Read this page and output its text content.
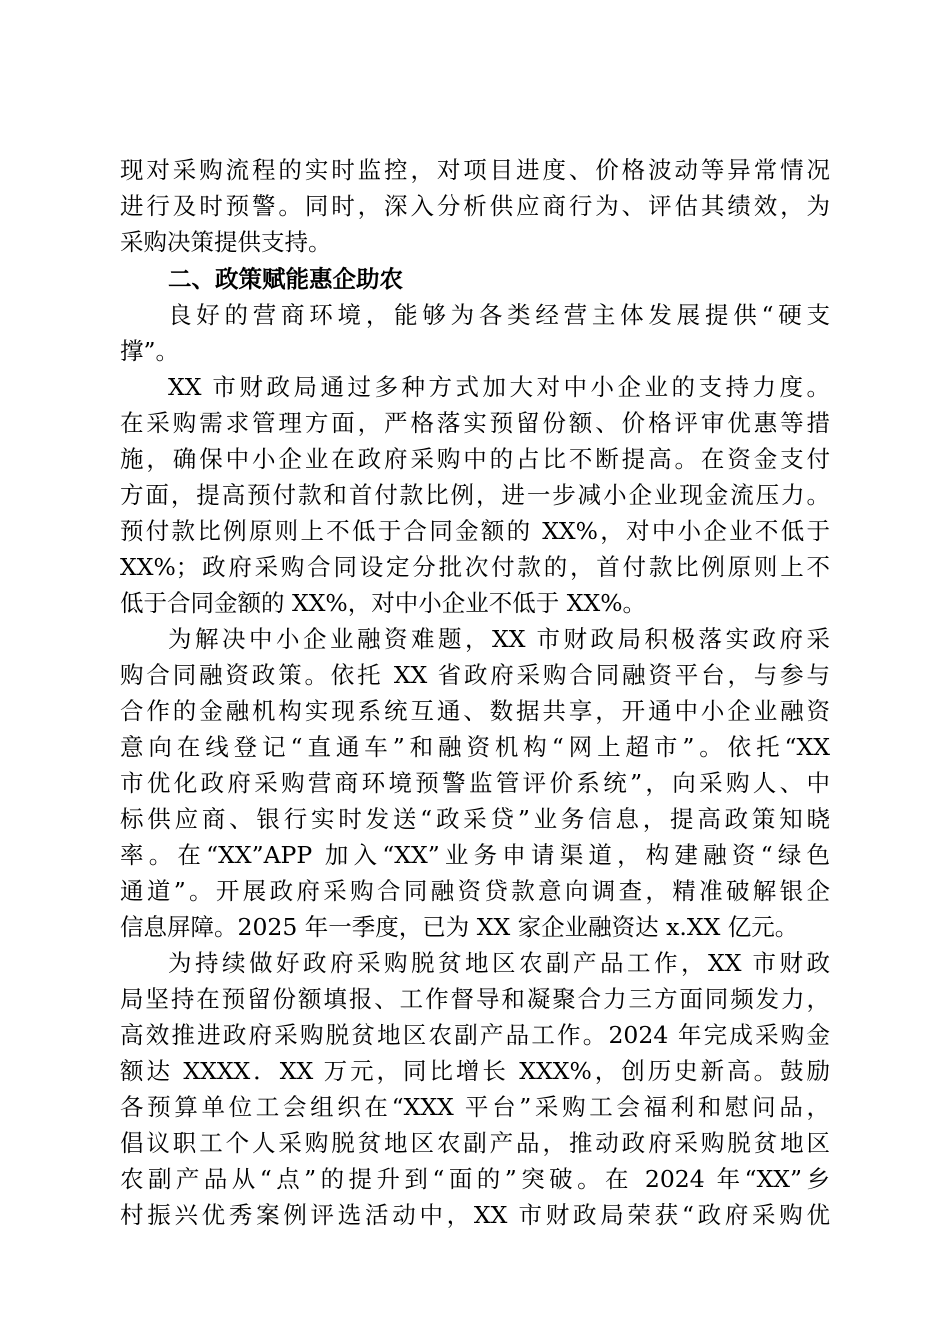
现对采购流程的实时监控，对项目进度、价格波动等异常情况
进行及时预警。同时，深入分析供应商行为、评估其绩效，为
采购决策提供支持。
二、政策赋能惠企助农
良好的营商环境，能够为各类经营主体发展提供“硬支
撑”。
XX 市财政局通过多种方式加大对中小企业的支持力度。
在采购需求管理方面，严格落实预留份额、价格评审优惠等措
施，确保中小企业在政府采购中的占比不断提高。在资金支付
方面，提高预付款和首付款比例，进一步减小企业现金流压力。
预付款比例原则上不低于合同金额的 XX%，对中小企业不低于
XX%；政府采购合同设定分批次付款的，首付款比例原则上不
低于合同金额的 XX%，对中小企业不低于 XX%。
为解决中小企业融资难题，XX 市财政局积极落实政府采
购合同融资政策。依托 XX 省政府采购合同融资平台，与参与
合作的金融机构实现系统互通、数据共享，开通中小企业融资
意向在线登记“直通车”和融资机构“网上超市”。依托“XX
市优化政府采购营商环境预警监管评价系统”，向采购人、中
标供应商、银行实时发送“政采贷”业务信息，提高政策知晓
率。在“XX”APP 加入“XX”业务申请渠道，构建融资“绿色
通道”。开展政府采购合同融资贷款意向调查，精准破解银企
信息屏障。2025 年一季度，已为 XX 家企业融资达 x.XX 亿元。
为持续做好政府采购脱贫地区农副产品工作，XX 市财政
局坚持在预留份额填报、工作督导和凝聚合力三方面同频发力，
高效推进政府采购脱贫地区农副产品工作。2024 年完成采购金
额达 XXXX．XX 万元，同比增长 XXX%，创历史新高。鼓励
各预算单位工会组织在“XXX 平台”采购工会福利和慰问品，
倡议职工个人采购脱贫地区农副产品，推动政府采购脱贫地区
农副产品从“点”的提升到“面的”突破。在 2024 年“XX”乡
村振兴优秀案例评选活动中，XX 市财政局荣获“政府采购优
